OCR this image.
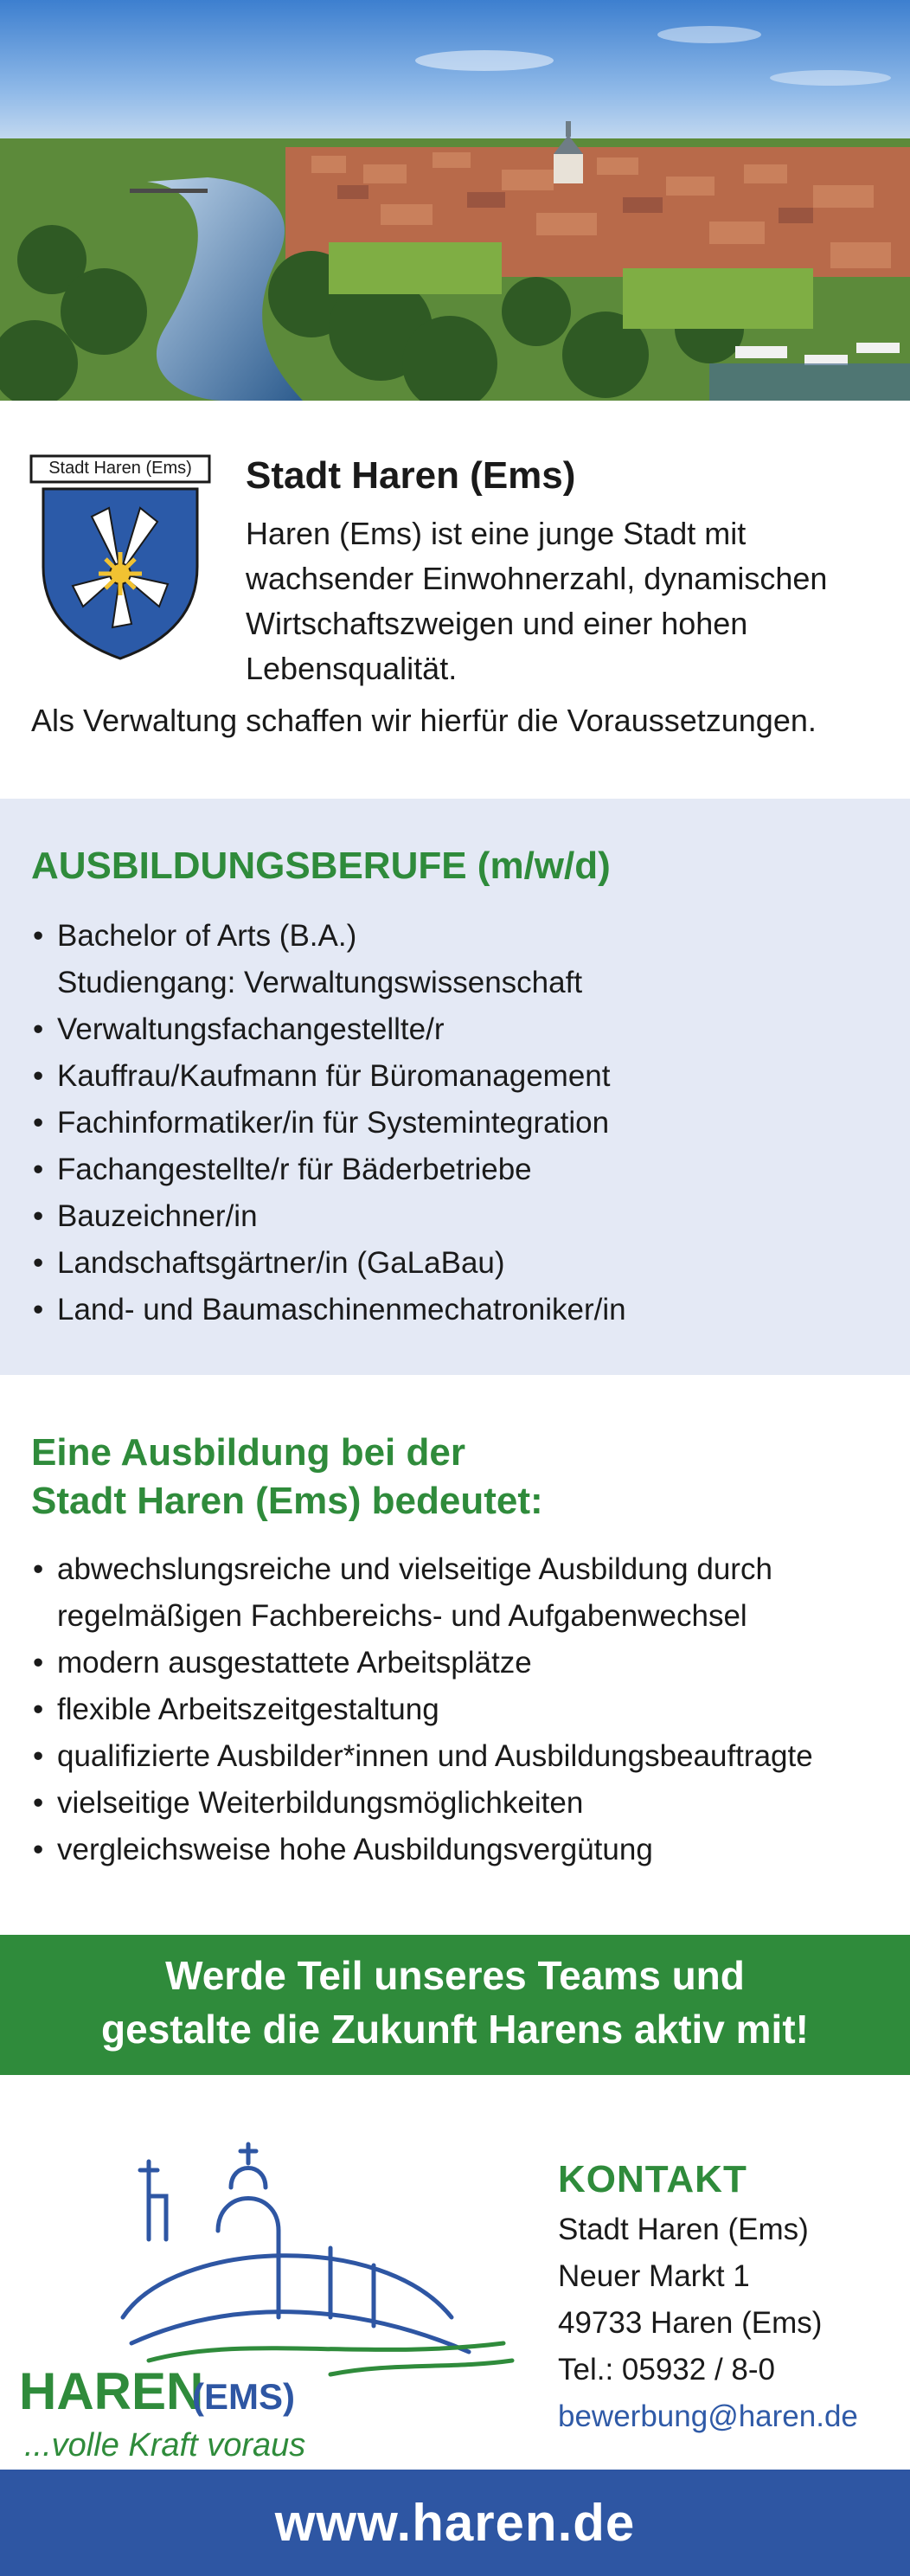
Stadt Haren (Ems)	Stadt Haren (Ems)
Haren (Ems) ist eine junge Stadt mit wachsender Einwohnerzahl, dynamischen Wirtschaftszweigen und einer hohen Lebensqualität.
Als Verwaltung schaffen wir hierfür die Voraussetzungen.
AUSBILDUNGSBERUFE (m/w/d)
• Bachelor of Arts (B.A.)
Studiengang: Verwaltungswissenschaft
• Verwaltungsfachangestellte/r
• Kauffrau/Kaufmann für Büromanagement
• Fachinformatiker/in für Systemintegration
• Fachangestellte/r für Bäderbetriebe
• Bauzeichner/in
• Landschaftsgärtner/in (GaLaBau)
• Land- und Baumaschinenmechatroniker/in
Eine Ausbildung bei der
Stadt Haren (Ems) bedeutet:
• abwechslungsreiche und vielseitige Ausbildung durch
regelmäßigen Fachbereichs- und Aufgabenwechsel
• modern ausgestattete Arbeitsplätze
• flexible Arbeitszeitgestaltung
• qualifizierte Ausbilder*innen und Ausbildungsbeauftragte
• vielseitige Weiterbildungsmöglichkeiten
• vergleichsweise hohe Ausbildungsvergütung
Werde Teil unseres Teams und
gestalte die Zukunft Harens aktiv mit!
HAREN
(EMS)
...volle Kraft voraus
KONTAKT
Stadt Haren (Ems)
Neuer Markt 1
49733 Haren (Ems)
Tel.: 05932 / 8-0
bewerbung@haren.de
www.haren.de
